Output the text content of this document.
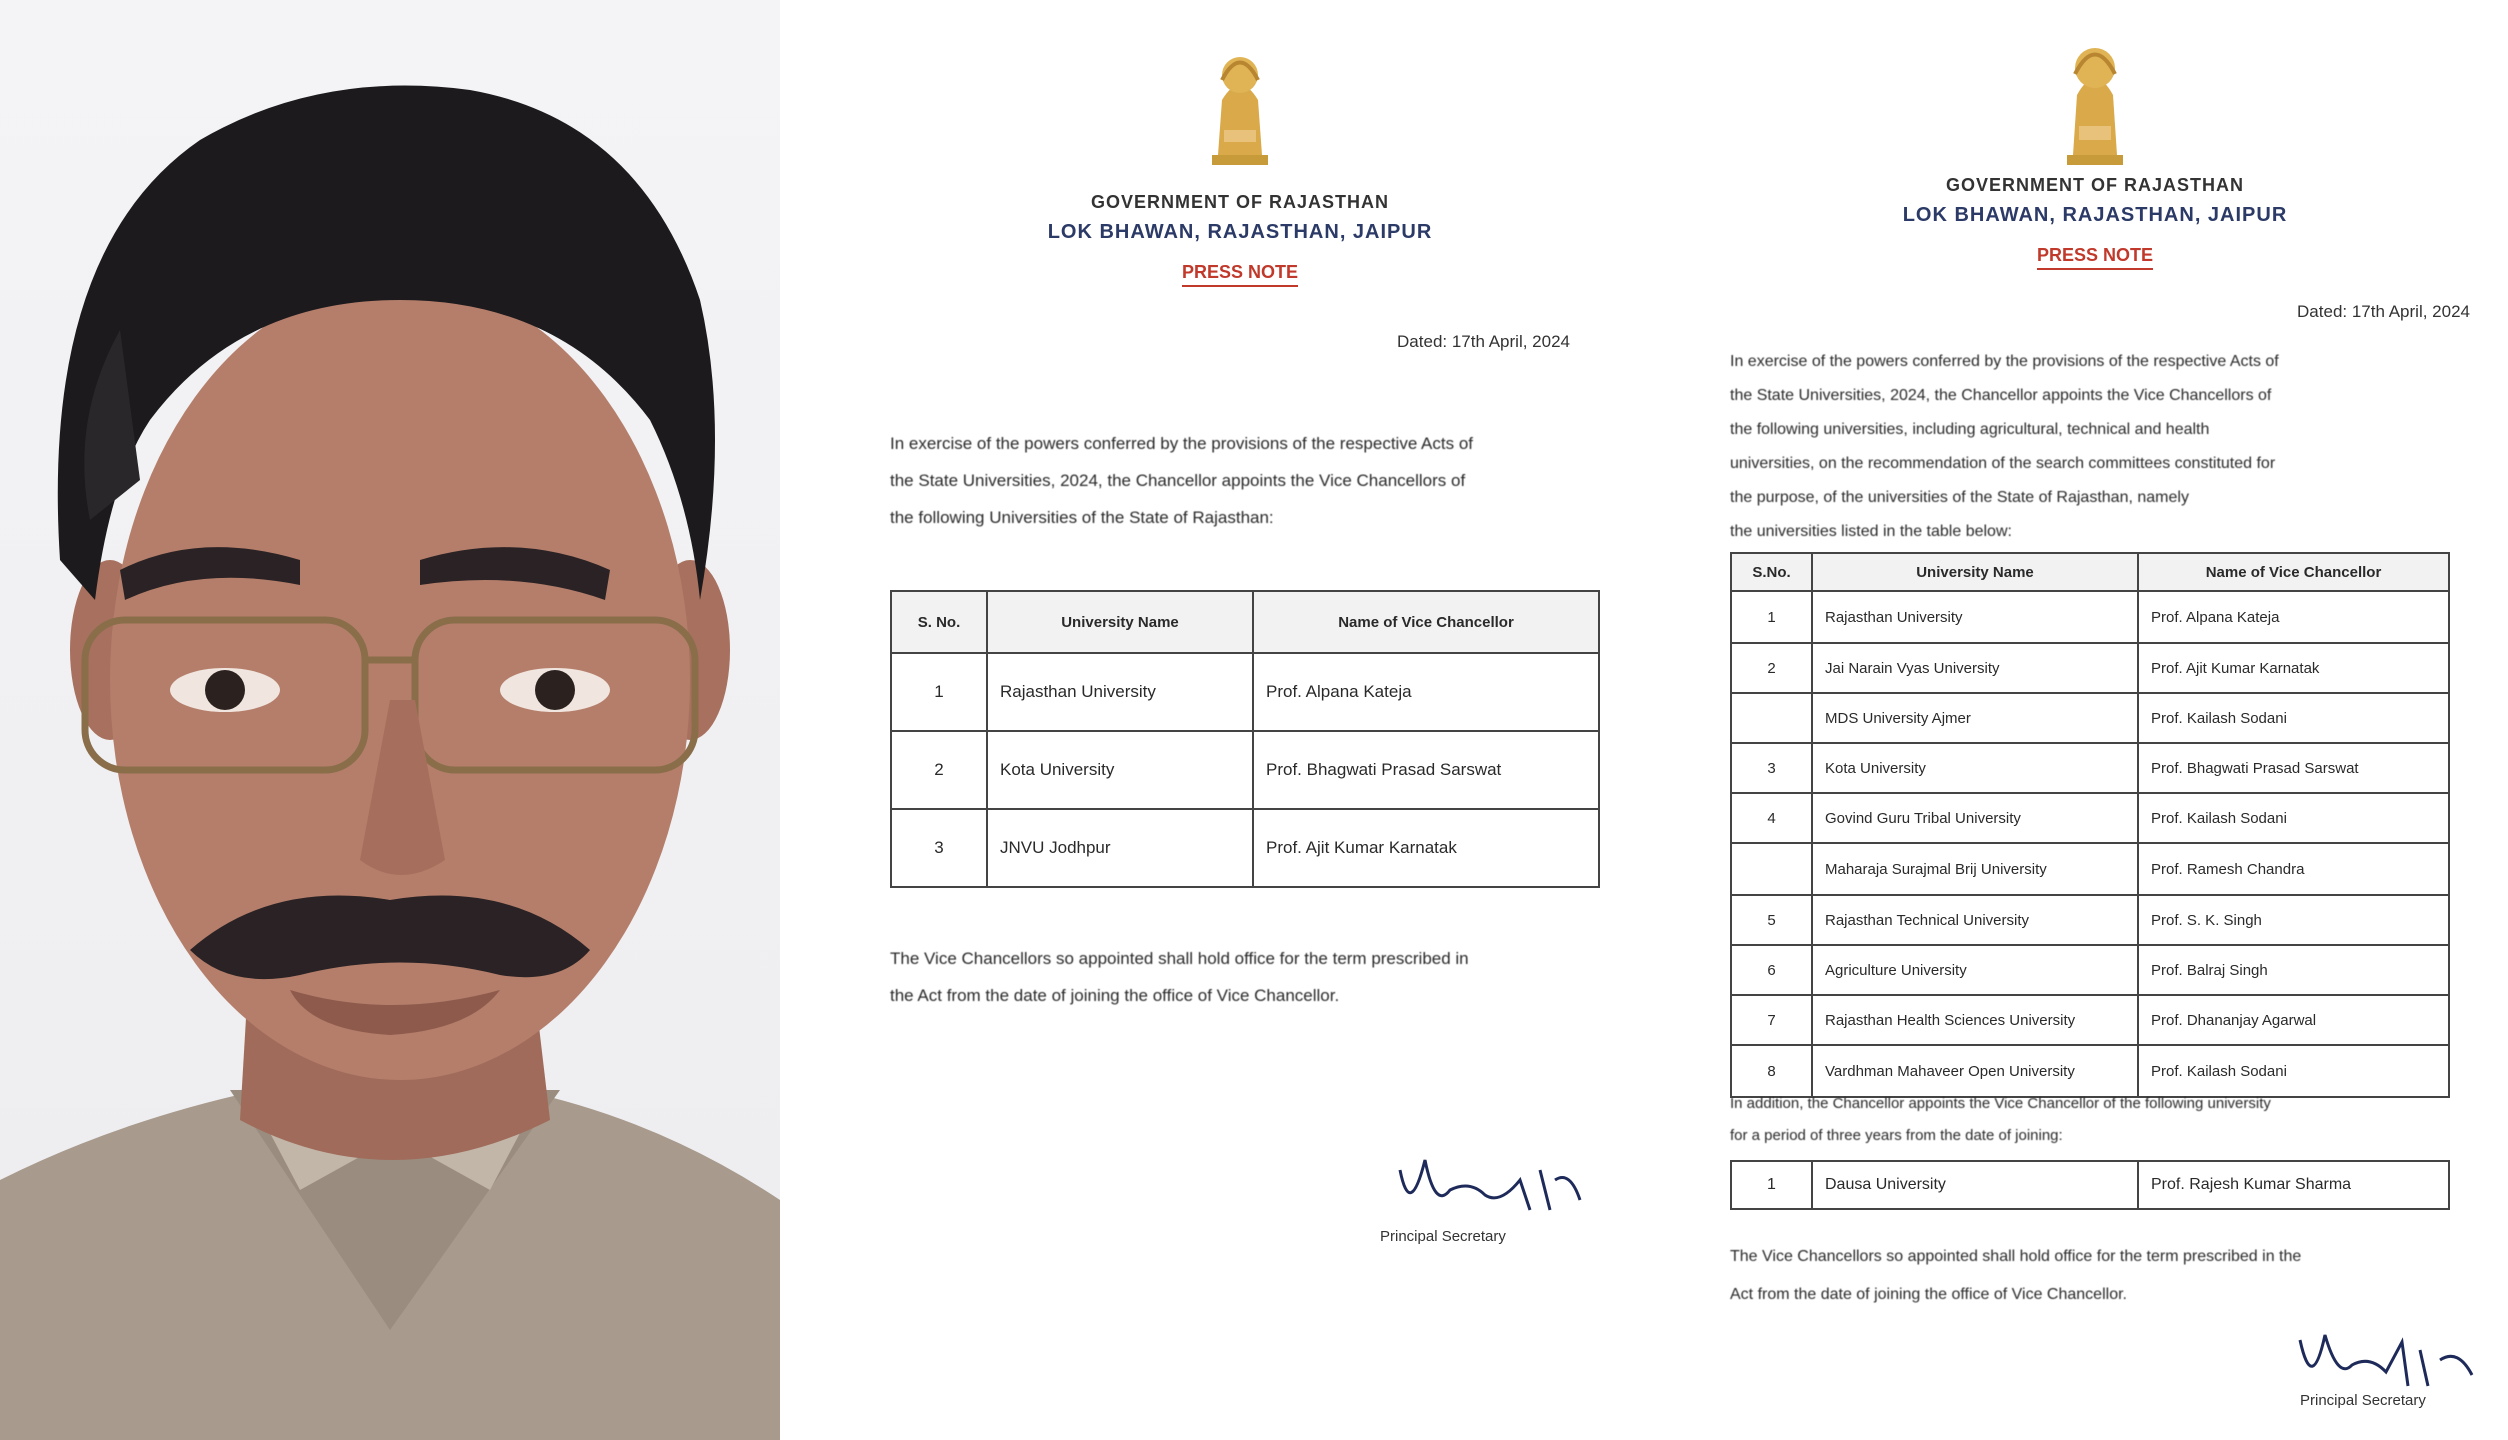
GOVERNMENT OF RAJASTHAN
LOK BHAWAN, RAJASTHAN, JAIPUR
PRESS NOTE
Dated: 17th April, 2024
In exercise of the powers conferred by the provisions of the respective Acts of
the State Universities, 2024, the Chancellor appoints the Vice Chancellors of
the following Universities of the State of Rajasthan:
S. No.	University Name	Name of Vice Chancellor
1	Rajasthan University	Prof. Alpana Kateja
2	Kota University	Prof. Bhagwati Prasad Sarswat
3	JNVU Jodhpur	Prof. Ajit Kumar Karnatak
The Vice Chancellors so appointed shall hold office for the term prescribed in
the Act from the date of joining the office of Vice Chancellor.
Principal Secretary
GOVERNMENT OF RAJASTHAN
LOK BHAWAN, RAJASTHAN, JAIPUR
PRESS NOTE
Dated: 17th April, 2024
In exercise of the powers conferred by the provisions of the respective Acts of
the State Universities, 2024, the Chancellor appoints the Vice Chancellors of
the following universities, including agricultural, technical and health
universities, on the recommendation of the search committees constituted for
the purpose, of the universities of the State of Rajasthan, namely
the universities listed in the table below:
S.No.	University Name	Name of Vice Chancellor
1	Rajasthan University	Prof. Alpana Kateja
2	Jai Narain Vyas University	Prof. Ajit Kumar Karnatak
	MDS University Ajmer	Prof. Kailash Sodani
3	Kota University	Prof. Bhagwati Prasad Sarswat
4	Govind Guru Tribal University	Prof. Kailash Sodani
	Maharaja Surajmal Brij University	Prof. Ramesh Chandra
5	Rajasthan Technical University	Prof. S. K. Singh
6	Agriculture University	Prof. Balraj Singh
7	Rajasthan Health Sciences University	Prof. Dhananjay Agarwal
8	Vardhman Mahaveer Open University	Prof. Kailash Sodani
In addition, the Chancellor appoints the Vice Chancellor of the following university
for a period of three years from the date of joining:
1	Dausa University	Prof. Rajesh Kumar Sharma
The Vice Chancellors so appointed shall hold office for the term prescribed in the
Act from the date of joining the office of Vice Chancellor.
Principal Secretary
